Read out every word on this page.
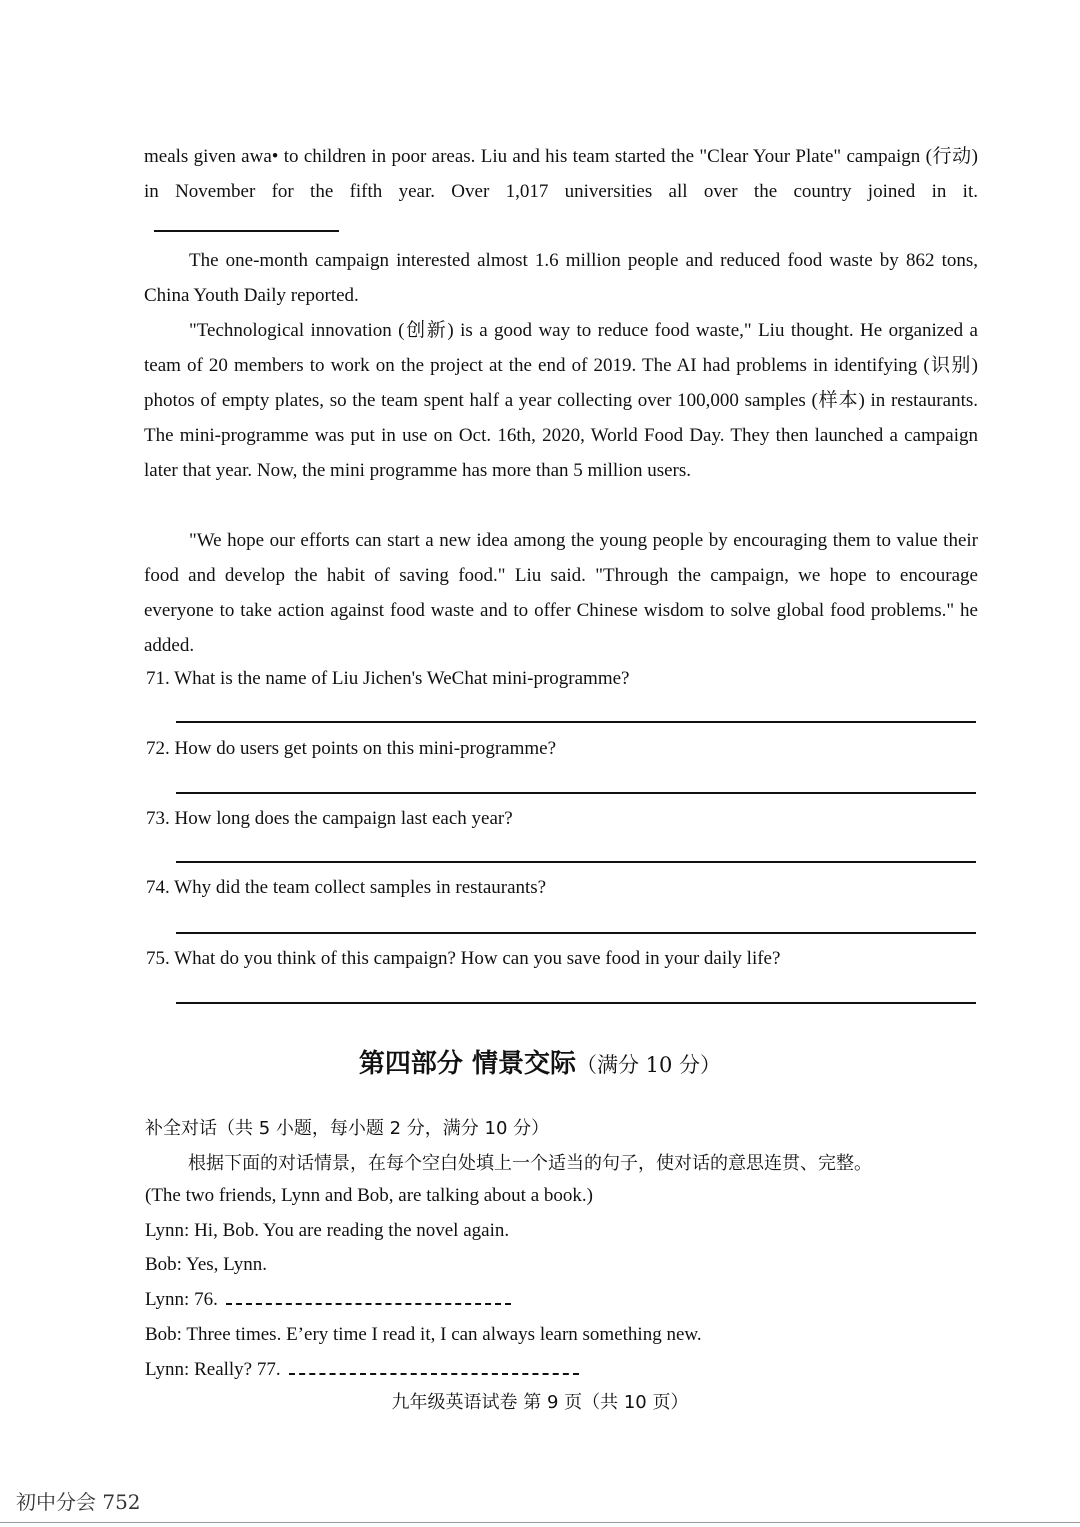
meals given awa• to children in poor areas. Liu and his team started the "Clear Your Plate" campaign (行动) in November for the fifth year. Over 1,017 universities all over the country joined in it.

The one-month campaign interested almost 1.6 million people and reduced food waste by 862 tons, China Youth Daily reported.

"Technological innovation (创新) is a good way to reduce food waste," Liu thought. He organized a team of 20 members to work on the project at the end of 2019. The AI had problems in identifying (识别) photos of empty plates, so the team spent half a year collecting over 100,000 samples (样本) in restaurants. The mini-programme was put in use on Oct. 16th, 2020, World Food Day. They then launched a campaign later that year. Now, the mini programme has more than 5 million users.

"We hope our efforts can start a new idea among the young people by encouraging them to value their food and develop the habit of saving food." Liu said. "Through the campaign, we hope to encourage everyone to take action against food waste and to offer Chinese wisdom to solve global food problems." he added.

71. What is the name of Liu Jichen's WeChat mini-programme?

72. How do users get points on this mini-programme?

73. How long does the campaign last each year?

74. Why did the team collect samples in restaurants?

75. What do you think of this campaign? How can you save food in your daily life?

第四部分 情景交际（满分 10 分）

补全对话（共 5 小题，每小题 2 分，满分 10 分）

根据下面的对话情景，在每个空白处填上一个适当的句子，使对话的意思连贯、完整。

(The two friends, Lynn and Bob, are talking about a book.)

Lynn: Hi, Bob. You are reading the novel again.

Bob: Yes, Lynn.

Lynn: 76.

Bob: Three times. E’ery time I read it, I can always learn something new.

Lynn: Really? 77.

九年级英语试卷 第 9 页（共 10 页）

初中分会 752
